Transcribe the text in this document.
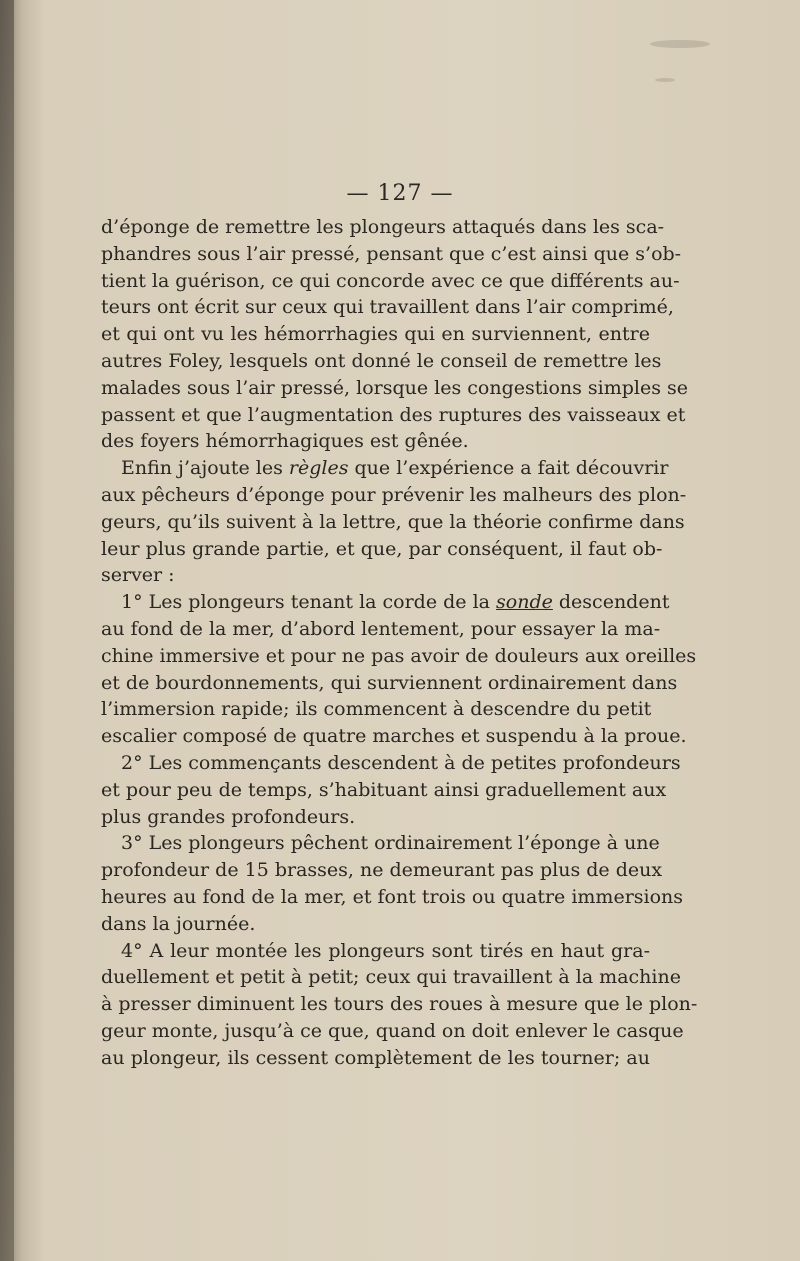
— 127 —
d’éponge de remettre les plongeurs attaqués dans les sca-
phandres sous l’air pressé, pensant que c’est ainsi que s’ob-
tient la guérison, ce qui concorde avec ce que différents au-
teurs ont écrit sur ceux qui travaillent dans l’air comprimé,
et qui ont vu les hémorrhagies qui en surviennent, entre
autres Foley, lesquels ont donné le conseil de remettre les
malades sous l’air pressé, lorsque les congestions simples se
passent et que l’augmentation des ruptures des vaisseaux et
des foyers hémorrhagiques est gênée.
Enfin j’ajoute les règles que l’expérience a fait découvrir
aux pêcheurs d’éponge pour prévenir les malheurs des plon-
geurs, qu’ils suivent à la lettre, que la théorie confirme dans
leur plus grande partie, et que, par conséquent, il faut ob-
server :
1° Les plongeurs tenant la corde de la sonde descendent
au fond de la mer, d’abord lentement, pour essayer la ma-
chine immersive et pour ne pas avoir de douleurs aux oreilles
et de bourdonnements, qui surviennent ordinairement dans
l’immersion rapide; ils commencent à descendre du petit
escalier composé de quatre marches et suspendu à la proue.
2° Les commençants descendent à de petites profondeurs
et pour peu de temps, s’habituant ainsi graduellement aux
plus grandes profondeurs.
3° Les plongeurs pêchent ordinairement l’éponge à une
profondeur de 15 brasses, ne demeurant pas plus de deux
heures au fond de la mer, et font trois ou quatre immersions
dans la journée.
4° A leur montée les plongeurs sont tirés en haut gra-
duellement et petit à petit; ceux qui travaillent à la machine
à presser diminuent les tours des roues à mesure que le plon-
geur monte, jusqu’à ce que, quand on doit enlever le casque
au plongeur, ils cessent complètement de les tourner; au
